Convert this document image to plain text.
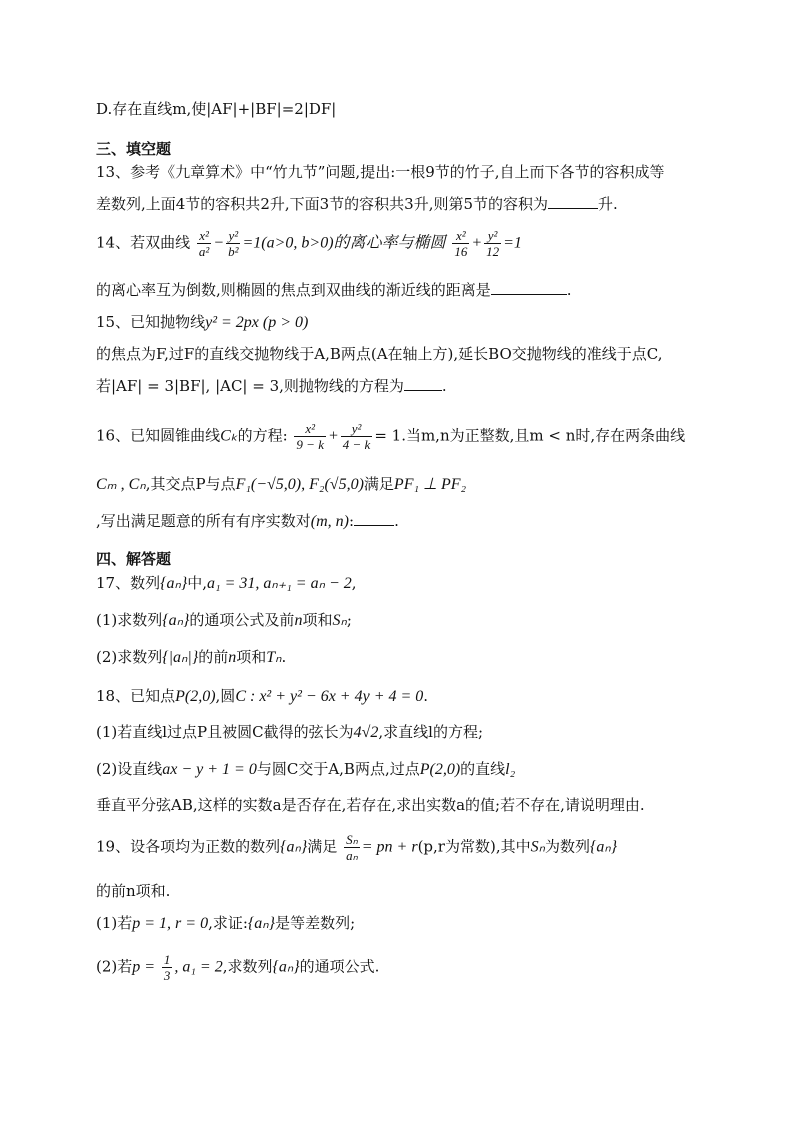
D.存在直线m,使|AF|+|BF|=2|DF|
三、填空题
13、参考《九章算术》中“竹九节”问题,提出:一根9节的竹子,自上而下各节的容积成等
差数列,上面4节的容积共2升,下面3节的容积共3升,则第5节的容积为	升.
14、若双曲线 $\frac{\text{x²}}{\text{a²}} - \frac{\text{y²}}{\text{b²}} =1(a>0$, b>0)的离心率与椭圆 $\frac{\text{x²}}{16} + \frac{\text{y²}}{12} =1$
的离心率互为倒数,则椭圆的焦点到双曲线的渐近线的距离是	.
15、已知抛物线y² = 2px (p > 0)
的焦点为F,过F的直线交抛物线于A,B两点(A在轴上方),延长BO交抛物线的准线于点C,
若|AF| = 3|BF|, |AC| = 3,则抛物线的方程为	.
16、已知圆锥曲线Cₖ的方程: $\frac{\text{x²}}{9 - k} + \frac{\text{y²}}{4 - k} = 1$.当m,n为正整数,且m < n时,存在两条曲线
Cₘ , Cₙ,其交点P与点F₁(−√5,0), F₂(√5,0)满足PF₁ ⊥ PF₂
,写出满足题意的所有有序实数对(m, n):	.
四、解答题
17、数列{aₙ}中,a₁ = 31, aₙ₊₁ = aₙ − 2,
(1)求数列{aₙ}的通项公式及前n项和Sₙ;
(2)求数列{|aₙ|}的前n项和Tₙ.
18、已知点P(2,0),圆C : x² + y² − 6x + 4y + 4 = 0.
(1)若直线l过点P且被圆C截得的弦长为4√2,求直线l的方程;
(2)设直线ax − y + 1 = 0与圆C交于A,B两点,过点P(2,0)的直线l₂
垂直平分弦AB,这样的实数a是否存在,若存在,求出实数a的值;若不存在,请说明理由.
19、设各项均为正数的数列{aₙ}满足 $\frac{\text{Sₙ}}{\text{aₙ}}$ = pn + r(p,r为常数),其中Sₙ为数列{aₙ}
的前n项和.
(1)若p = 1, r = 0,求证:{aₙ}是等差数列;
(2)若$p = \frac{1}{3}$ , a₁ = 2,求数列{aₙ}的通项公式.
